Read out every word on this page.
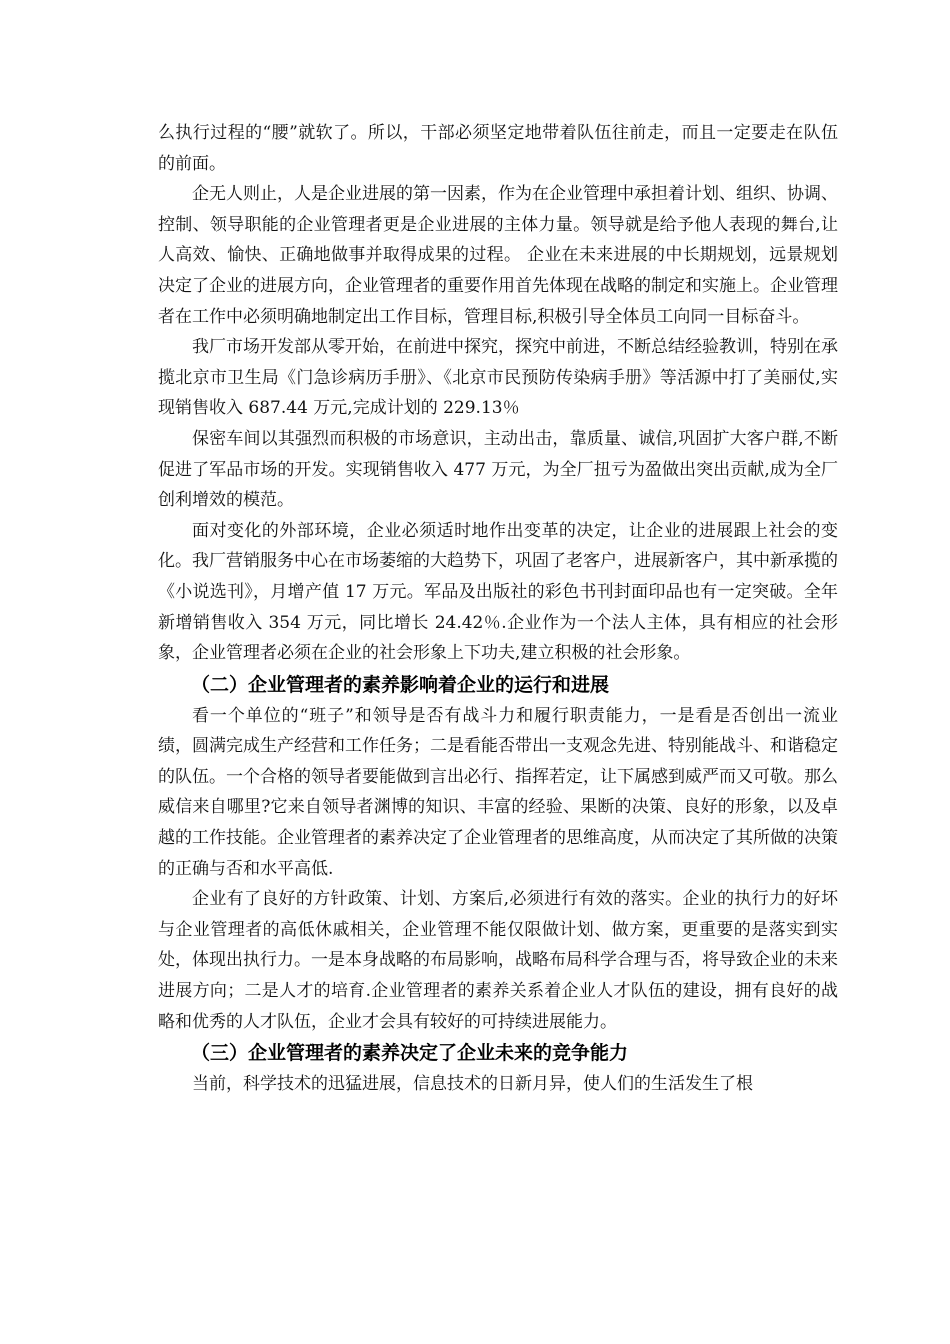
么执行过程的“腰”就软了。所以，干部必须坚定地带着队伍往前走，而且一定要走在队伍的前面。

企无人则止，人是企业进展的第一因素，作为在企业管理中承担着计划、组织、协调、控制、领导职能的企业管理者更是企业进展的主体力量。领导就是给予他人表现的舞台,让人高效、愉快、正确地做事并取得成果的过程。 企业在未来进展的中长期规划，远景规划决定了企业的进展方向，企业管理者的重要作用首先体现在战略的制定和实施上。企业管理者在工作中必须明确地制定出工作目标，管理目标,积极引导全体员工向同一目标奋斗。

我厂市场开发部从零开始，在前进中探究，探究中前进，不断总结经验教训，特别在承揽北京市卫生局《门急诊病历手册》、《北京市民预防传染病手册》等活源中打了美丽仗,实现销售收入 687.44 万元,完成计划的 229.13％

保密车间以其强烈而积极的市场意识，主动出击，靠质量、诚信,巩固扩大客户群,不断促进了军品市场的开发。实现销售收入 477 万元，为全厂扭亏为盈做出突出贡献,成为全厂创利增效的模范。

面对变化的外部环境，企业必须适时地作出变革的决定，让企业的进展跟上社会的变化。我厂营销服务中心在市场萎缩的大趋势下，巩固了老客户，进展新客户，其中新承揽的《小说选刊》，月增产值 17 万元。军品及出版社的彩色书刊封面印品也有一定突破。全年新增销售收入 354 万元，同比增长 24.42％.企业作为一个法人主体，具有相应的社会形象，企业管理者必须在企业的社会形象上下功夫,建立积极的社会形象。

（二）企业管理者的素养影响着企业的运行和进展

看一个单位的“班子”和领导是否有战斗力和履行职责能力，一是看是否创出一流业绩，圆满完成生产经营和工作任务；二是看能否带出一支观念先进、特别能战斗、和谐稳定的队伍。一个合格的领导者要能做到言出必行、指挥若定，让下属感到威严而又可敬。那么威信来自哪里?它来自领导者渊博的知识、丰富的经验、果断的决策、良好的形象，以及卓越的工作技能。企业管理者的素养决定了企业管理者的思维高度，从而决定了其所做的决策的正确与否和水平高低.

企业有了良好的方针政策、计划、方案后,必须进行有效的落实。企业的执行力的好坏与企业管理者的高低休戚相关，企业管理不能仅限做计划、做方案，更重要的是落实到实处，体现出执行力。一是本身战略的布局影响，战略布局科学合理与否，将导致企业的未来进展方向；二是人才的培育.企业管理者的素养关系着企业人才队伍的建设，拥有良好的战略和优秀的人才队伍，企业才会具有较好的可持续进展能力。

（三）企业管理者的素养决定了企业未来的竞争能力

当前，科学技术的迅猛进展，信息技术的日新月异，使人们的生活发生了根
